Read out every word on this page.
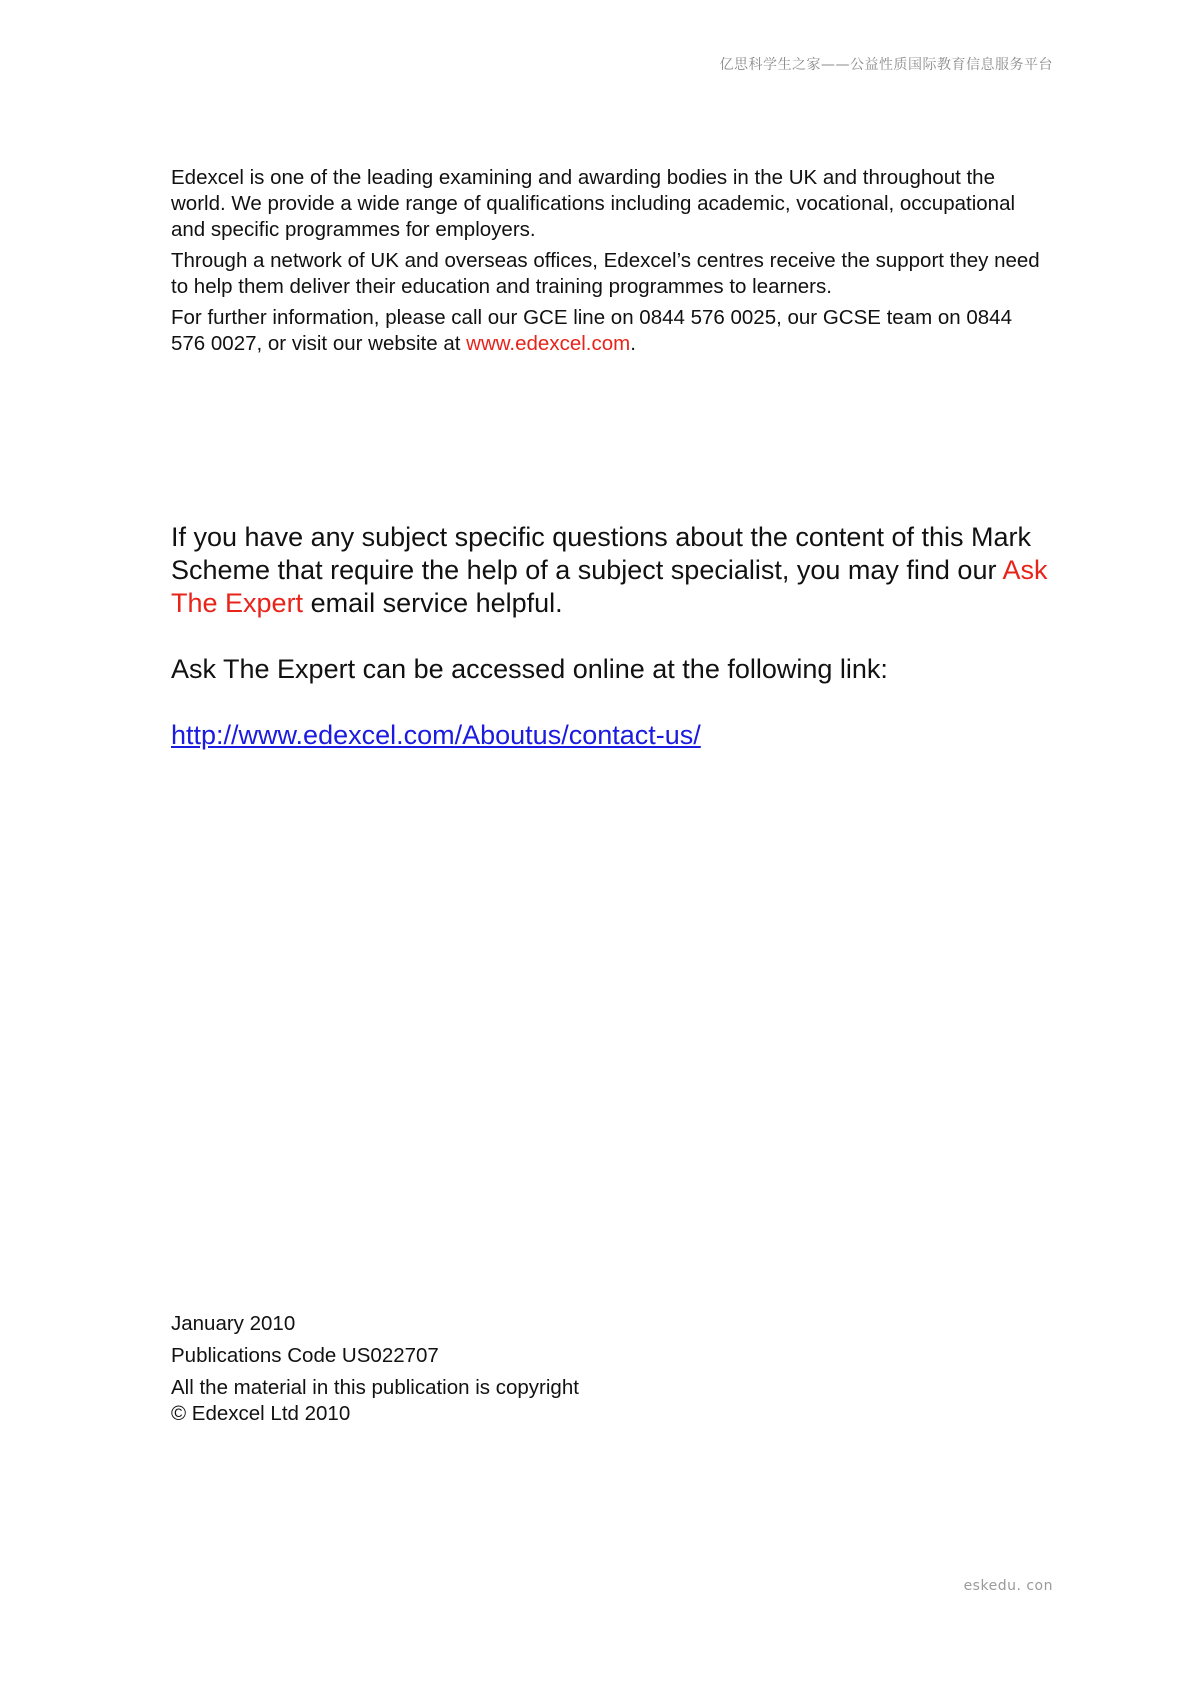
亿思科学生之家——公益性质国际教育信息服务平台

Edexcel is one of the leading examining and awarding bodies in the UK and throughout the world. We provide a wide range of qualifications including academic, vocational, occupational and specific programmes for employers.

Through a network of UK and overseas offices, Edexcel’s centres receive the support they need to help them deliver their education and training programmes to learners.

For further information, please call our GCE line on 0844 576 0025, our GCSE team on 0844 576 0027, or visit our website at www.edexcel.com.

If you have any subject specific questions about the content of this Mark Scheme that require the help of a subject specialist, you may find our Ask The Expert email service helpful.

Ask The Expert can be accessed online at the following link:

http://www.edexcel.com/Aboutus/contact-us/

January 2010

Publications Code US022707

All the material in this publication is copyright
© Edexcel Ltd 2010

eskedu. con
